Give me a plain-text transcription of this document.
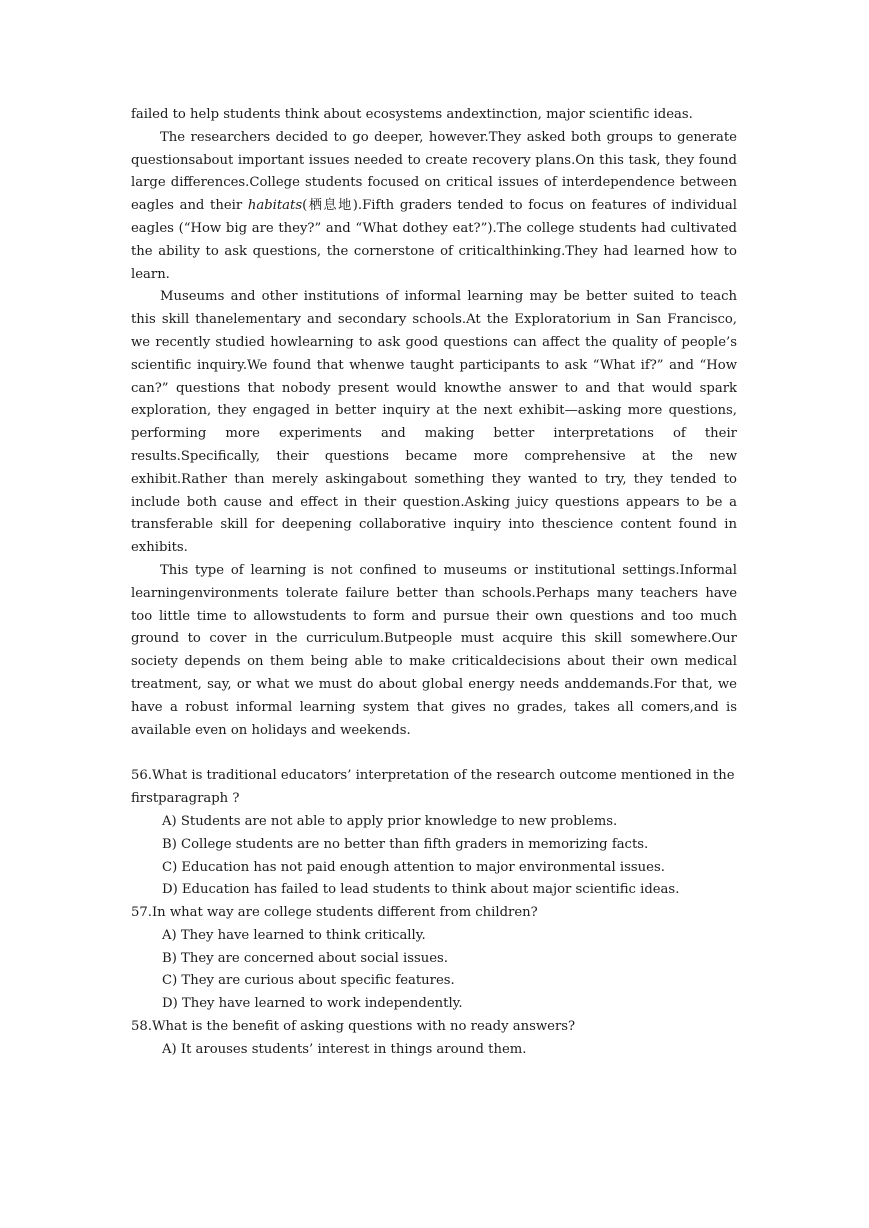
failed to help students think about ecosystems andextinction, major scientific ideas.

The researchers decided to go deeper, however.They asked both groups to generate questionsabout important issues needed to create recovery plans.On this task, they found large differences.College students focused on critical issues of interdependence between eagles and their habitats(栖息地).Fifth graders tended to focus on features of individual eagles (“How big are they?” and “What dothey eat?”).The college students had cultivated the ability to ask questions, the cornerstone of criticalthinking.They had learned how to learn.

Museums and other institutions of informal learning may be better suited to teach this skill thanelementary and secondary schools.At the Exploratorium in San Francisco, we recently studied howlearning to ask good questions can affect the quality of people’s scientific inquiry.We found that whenwe taught participants to ask “What if?” and “How can?” questions that nobody present would knowthe answer to and that would spark exploration, they engaged in better inquiry at the next exhibit—asking more questions, performing more experiments and making better interpretations of their results.Specifically, their questions became more comprehensive at the new exhibit.Rather than merely askingabout something they wanted to try, they tended to include both cause and effect in their question.Asking juicy questions appears to be a transferable skill for deepening collaborative inquiry into thescience content found in exhibits.

This type of learning is not confined to museums or institutional settings.Informal learningenvironments tolerate failure better than schools.Perhaps many teachers have too little time to allowstudents to form and pursue their own questions and too much ground to cover in the curriculum.Butpeople must acquire this skill somewhere.Our society depends on them being able to make criticaldecisions about their own medical treatment, say, or what we must do about global energy needs anddemands.For that, we have a robust informal learning system that gives no grades, takes all comers,and is available even on holidays and weekends.

56.What is traditional educators’ interpretation of the research outcome mentioned in the firstparagraph ?

A) Students are not able to apply prior knowledge to new problems.

B) College students are no better than fifth graders in memorizing facts.

C) Education has not paid enough attention to major environmental issues.

D) Education has failed to lead students to think about major scientific ideas.

57.In what way are college students different from children?

A) They have learned to think critically.

B) They are concerned about social issues.

C) They are curious about specific features.

D) They have learned to work independently.

58.What is the benefit of asking questions with no ready answers?

A) It arouses students’ interest in things around them.
